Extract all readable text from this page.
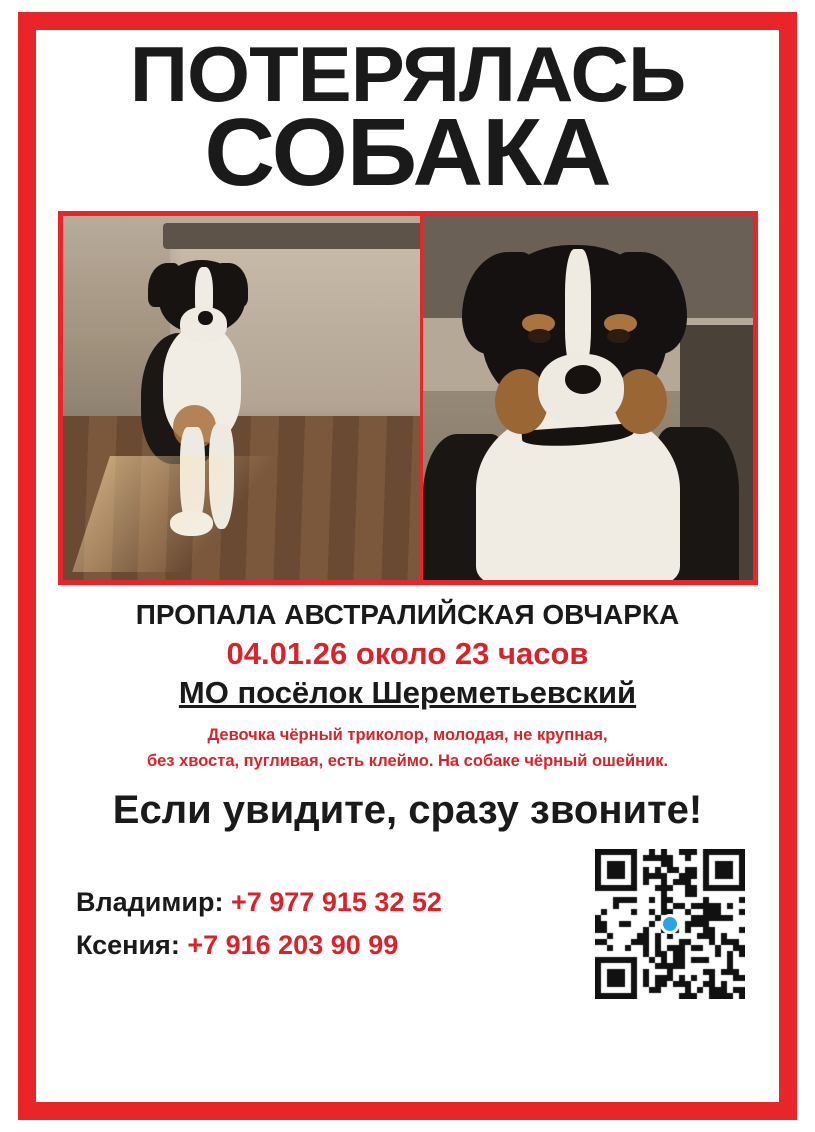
ПОТЕРЯЛАСЬ
СОБАКА
ПРОПАЛА АВСТРАЛИЙСКАЯ ОВЧАРКА
04.01.26 около 23 часов
МО посёлок Шереметьевский
Девочка чёрный триколор, молодая, не крупная,
без хвоста, пугливая, есть клеймо. На собаке чёрный ошейник.
Если увидите, сразу звоните!
Владимир: +7 977 915 32 52
Ксения: +7 916 203 90 99
